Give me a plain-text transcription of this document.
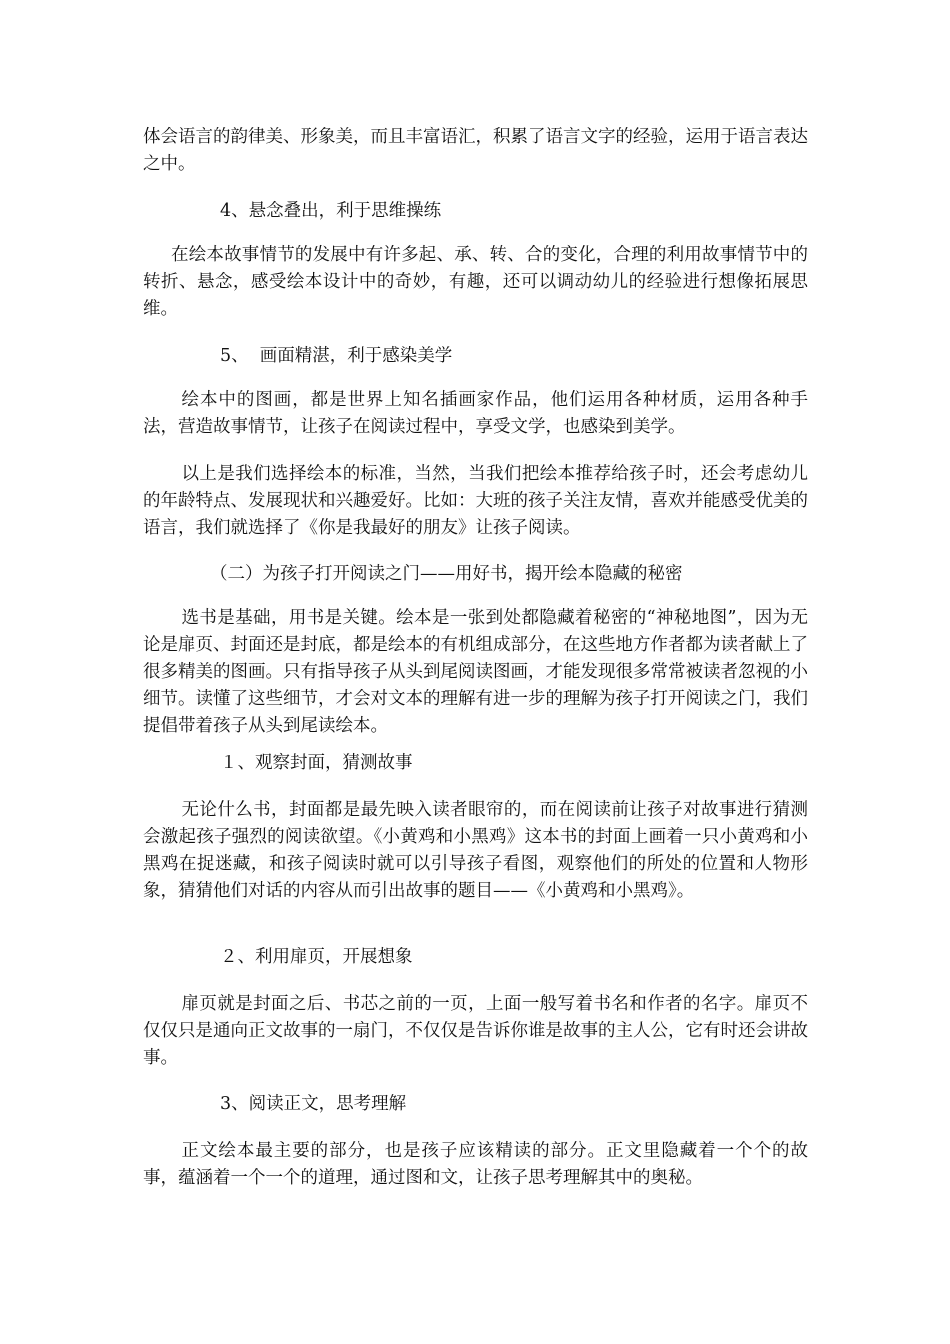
体会语言的韵律美、形象美，而且丰富语汇，积累了语言文字的经验，运用于语言表达之中。

4、悬念叠出，利于思维操练

在绘本故事情节的发展中有许多起、承、转、合的变化，合理的利用故事情节中的转折、悬念，感受绘本设计中的奇妙，有趣，还可以调动幼儿的经验进行想像拓展思维。

5、  画面精湛，利于感染美学

绘本中的图画，都是世界上知名插画家作品，他们运用各种材质，运用各种手法，营造故事情节，让孩子在阅读过程中，享受文学，也感染到美学。

以上是我们选择绘本的标准，当然，当我们把绘本推荐给孩子时，还会考虑幼儿的年龄特点、发展现状和兴趣爱好。比如：大班的孩子关注友情，喜欢并能感受优美的语言，我们就选择了《你是我最好的朋友》让孩子阅读。

（二）为孩子打开阅读之门——用好书，揭开绘本隐藏的秘密

选书是基础，用书是关键。绘本是一张到处都隐藏着秘密的“神秘地图”，因为无论是扉页、封面还是封底，都是绘本的有机组成部分，在这些地方作者都为读者献上了很多精美的图画。只有指导孩子从头到尾阅读图画，才能发现很多常常被读者忽视的小细节。读懂了这些细节，才会对文本的理解有进一步的理解为孩子打开阅读之门，我们提倡带着孩子从头到尾读绘本。

１、观察封面，猜测故事

无论什么书，封面都是最先映入读者眼帘的，而在阅读前让孩子对故事进行猜测会激起孩子强烈的阅读欲望。《小黄鸡和小黑鸡》这本书的封面上画着一只小黄鸡和小黑鸡在捉迷藏，和孩子阅读时就可以引导孩子看图，观察他们的所处的位置和人物形象，猜猜他们对话的内容从而引出故事的题目——《小黄鸡和小黑鸡》。

２、利用扉页，开展想象

扉页就是封面之后、书芯之前的一页，上面一般写着书名和作者的名字。扉页不仅仅只是通向正文故事的一扇门，不仅仅是告诉你谁是故事的主人公，它有时还会讲故事。

3、阅读正文，思考理解

正文绘本最主要的部分，也是孩子应该精读的部分。正文里隐藏着一个个的故事，蕴涵着一个一个的道理，通过图和文，让孩子思考理解其中的奥秘。
